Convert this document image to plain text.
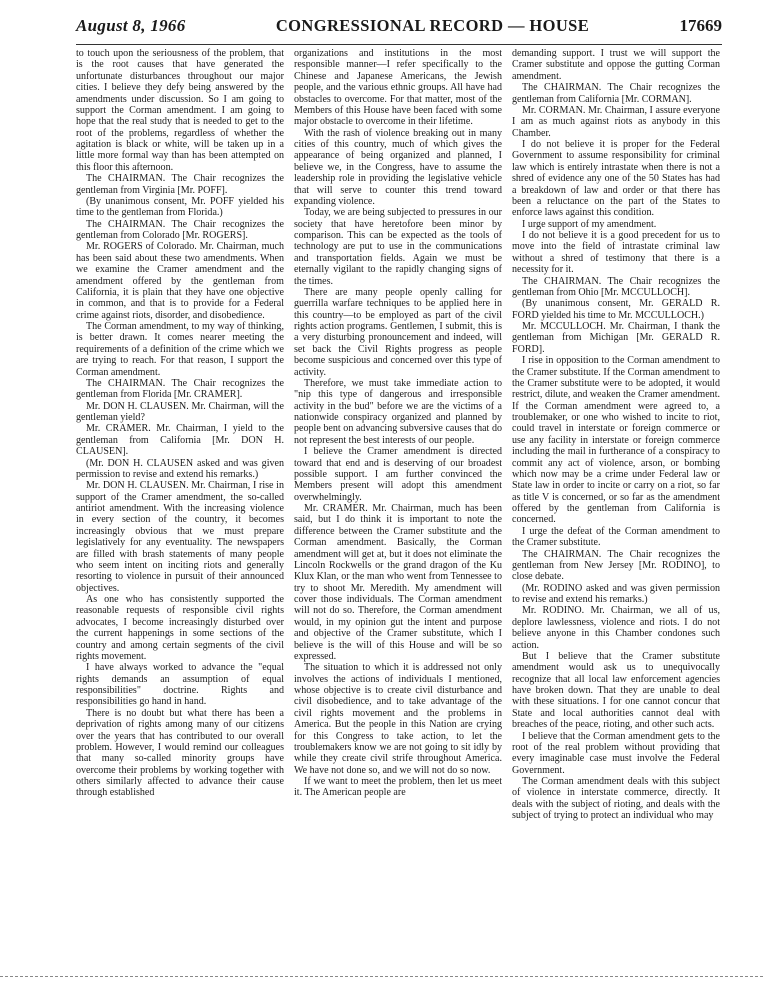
August 8, 1966	CONGRESSIONAL RECORD — HOUSE	17669

to touch upon the seriousness of the problem, that is the root causes that have generated the unfortunate disturbances throughout our major cities. I believe they defy being answered by the amendments under discussion. So I am going to support the Corman amendment. I am going to hope that the real study that is needed to get to the root of the problems, regardless of whether the agitation is black or white, will be taken up in a little more formal way than has been attempted on this floor this afternoon.

The CHAIRMAN. The Chair recognizes the gentleman from Virginia [Mr. POFF].

(By unanimous consent, Mr. POFF yielded his time to the gentleman from Florida.)

The CHAIRMAN. The Chair recognizes the gentleman from Colorado [Mr. ROGERS].

Mr. ROGERS of Colorado. Mr. Chairman, much has been said about these two amendments. When we examine the Cramer amendment and the amendment offered by the gentleman from California, it is plain that they have one objective in common, and that is to provide for a Federal crime against riots, disorder, and disobedience.

The Corman amendment, to my way of thinking, is better drawn. It comes nearer meeting the requirements of a definition of the crime which we are trying to reach. For that reason, I support the Corman amendment.

The CHAIRMAN. The Chair recognizes the gentleman from Florida [Mr. CRAMER].

Mr. DON H. CLAUSEN. Mr. Chairman, will the gentleman yield?

Mr. CRAMER. Mr. Chairman, I yield to the gentleman from California [Mr. DON H. CLAUSEN].

(Mr. DON H. CLAUSEN asked and was given permission to revise and extend his remarks.)

Mr. DON H. CLAUSEN. Mr. Chairman, I rise in support of the Cramer amendment, the so-called antiriot amendment. With the increasing violence in every section of the country, it becomes increasingly obvious that we must prepare legislatively for any eventuality. The newspapers are filled with brash statements of many people who seem intent on inciting riots and generally resorting to violence in pursuit of their announced objectives.

As one who has consistently supported the reasonable requests of responsible civil rights advocates, I become increasingly disturbed over the current happenings in some sections of the country and among certain segments of the civil rights movement.

I have always worked to advance the "equal rights demands an assumption of equal responsibilities" doctrine. Rights and responsibilities go hand in hand.

There is no doubt but what there has been a deprivation of rights among many of our citizens over the years that has contributed to our overall problem. However, I would remind our colleagues that many so-called minority groups have overcome their problems by working together with others similarly affected to advance their cause through established

organizations and institutions in the most responsible manner—I refer specifically to the Chinese and Japanese Americans, the Jewish people, and the various ethnic groups. All have had obstacles to overcome. For that matter, most of the Members of this House have been faced with some major obstacle to overcome in their lifetime.

With the rash of violence breaking out in many cities of this country, much of which gives the appearance of being organized and planned, I believe we, in the Congress, have to assume the leadership role in providing the legislative vehicle that will serve to counter this trend toward expanding violence.

Today, we are being subjected to pressures in our society that have heretofore been minor by comparison. This can be expected as the tools of technology are put to use in the communications and transportation fields. Again we must be eternally vigilant to the rapidly changing signs of the times.

There are many people openly calling for guerrilla warfare techniques to be applied here in this country—to be employed as part of the civil rights action programs. Gentlemen, I submit, this is a very disturbing pronouncement and indeed, will set back the Civil Rights progress as people become suspicious and concerned over this type of activity.

Therefore, we must take immediate action to "nip this type of dangerous and irresponsible activity in the bud" before we are the victims of a nationwide conspiracy organized and planned by people bent on advancing subversive causes that do not represent the best interests of our people.

I believe the Cramer amendment is directed toward that end and is deserving of our broadest possible support. I am further convinced the Members present will adopt this amendment overwhelmingly.

Mr. CRAMER. Mr. Chairman, much has been said, but I do think it is important to note the difference between the Cramer substitute and the Corman amendment. Basically, the Corman amendment will get at, but it does not eliminate the Lincoln Rockwells or the grand dragon of the Ku Klux Klan, or the man who went from Tennessee to try to shoot Mr. Meredith. My amendment will cover those individuals. The Corman amendment will not do so. Therefore, the Corman amendment would, in my opinion gut the intent and purpose and objective of the Cramer substitute, which I believe is the will of this House and will be so expressed.

The situation to which it is addressed not only involves the actions of individuals I mentioned, whose objective is to create civil disturbance and civil disobedience, and to take advantage of the civil rights movement and the problems in America. But the people in this Nation are crying for this Congress to take action, to let the troublemakers know we are not going to sit idly by while they create civil strife throughout America. We have not done so, and we will not do so now.

If we want to meet the problem, then let us meet it. The American people are

demanding support. I trust we will support the Cramer substitute and oppose the gutting Corman amendment.

The CHAIRMAN. The Chair recognizes the gentleman from California [Mr. CORMAN].

Mr. CORMAN. Mr. Chairman, I assure everyone I am as much against riots as anybody in this Chamber.

I do not believe it is proper for the Federal Government to assume responsibility for criminal law which is entirely intrastate when there is not a shred of evidence any one of the 50 States has had a breakdown of law and order or that there has been a reluctance on the part of the States to enforce laws against this condition.

I urge support of my amendment.

I do not believe it is a good precedent for us to move into the field of intrastate criminal law without a shred of testimony that there is a necessity for it.

The CHAIRMAN. The Chair recognizes the gentleman from Ohio [Mr. MCCULLOCH].

(By unanimous consent, Mr. GERALD R. FORD yielded his time to Mr. MCCULLOCH.)

Mr. MCCULLOCH. Mr. Chairman, I thank the gentleman from Michigan [Mr. GERALD R. FORD].

I rise in opposition to the Corman amendment to the Cramer substitute. If the Corman amendment to the Cramer substitute were to be adopted, it would restrict, dilute, and weaken the Cramer amendment. If the Corman amendment were agreed to, a troublemaker, or one who wished to incite to riot, could travel in interstate or foreign commerce or use any facility in interstate or foreign commerce including the mail in furtherance of a conspiracy to commit any act of violence, arson, or bombing which now may be a crime under Federal law or State law in order to incite or carry on a riot, so far as title V is concerned, or so far as the amendment offered by the gentleman from California is concerned.

I urge the defeat of the Corman amendment to the Cramer substitute.

The CHAIRMAN. The Chair recognizes the gentleman from New Jersey [Mr. RODINO], to close debate.

(Mr. RODINO asked and was given permission to revise and extend his remarks.)

Mr. RODINO. Mr. Chairman, we all of us, deplore lawlessness, violence and riots. I do not believe anyone in this Chamber condones such action.

But I believe that the Cramer substitute amendment would ask us to unequivocally recognize that all local law enforcement agencies have broken down. That they are unable to deal with these situations. I for one cannot concur that State and local authorities cannot deal with breaches of the peace, rioting, and other such acts.

I believe that the Corman amendment gets to the root of the real problem without providing that every imaginable case must involve the Federal Government.

The Corman amendment deals with this subject of violence in interstate commerce, directly. It deals with the subject of rioting, and deals with the subject of trying to protect an individual who may
